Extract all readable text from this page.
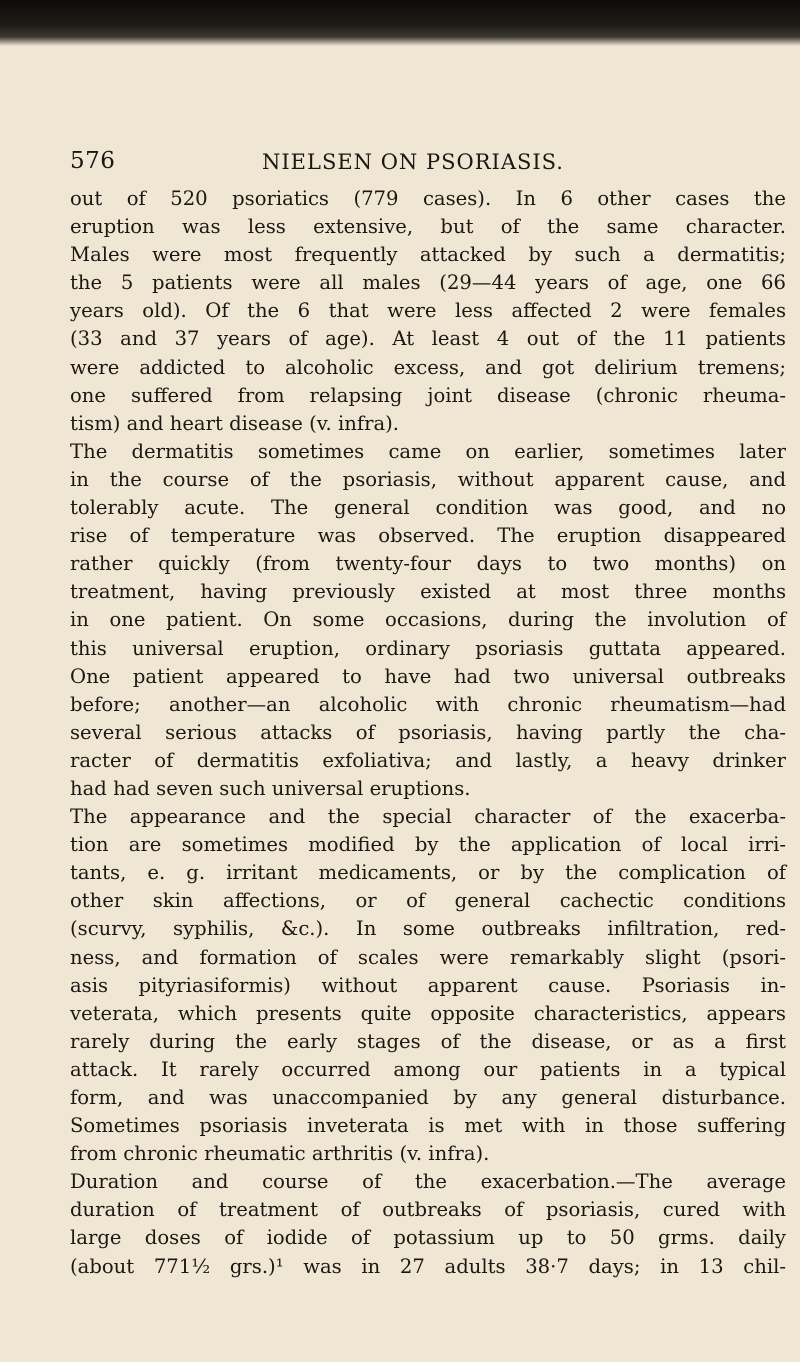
576	NIELSEN ON PSORIASIS.
out of 520 psoriatics (779 cases). In 6 other cases the
eruption was less extensive, but of the same character.
Males were most frequently attacked by such a dermatitis;
the 5 patients were all males (29—44 years of age, one 66
years old). Of the 6 that were less affected 2 were females
(33 and 37 years of age). At least 4 out of the 11 patients
were addicted to alcoholic excess, and got delirium tremens;
one suffered from relapsing joint disease (chronic rheuma-
tism) and heart disease (v. infra).
The dermatitis sometimes came on earlier, sometimes later
in the course of the psoriasis, without apparent cause, and
tolerably acute. The general condition was good, and no
rise of temperature was observed. The eruption disappeared
rather quickly (from twenty-four days to two months) on
treatment, having previously existed at most three months
in one patient. On some occasions, during the involution of
this universal eruption, ordinary psoriasis guttata appeared.
One patient appeared to have had two universal outbreaks
before; another—an alcoholic with chronic rheumatism—had
several serious attacks of psoriasis, having partly the cha-
racter of dermatitis exfoliativa; and lastly, a heavy drinker
had had seven such universal eruptions.
The appearance and the special character of the exacerba-
tion are sometimes modified by the application of local irri-
tants, e. g. irritant medicaments, or by the complication of
other skin affections, or of general cachectic conditions
(scurvy, syphilis, &c.). In some outbreaks infiltration, red-
ness, and formation of scales were remarkably slight (psori-
asis pityriasiformis) without apparent cause. Psoriasis in-
veterata, which presents quite opposite characteristics, appears
rarely during the early stages of the disease, or as a first
attack. It rarely occurred among our patients in a typical
form, and was unaccompanied by any general disturbance.
Sometimes psoriasis inveterata is met with in those suffering
from chronic rheumatic arthritis (v. infra).
Duration and course of the exacerbation.—The average
duration of treatment of outbreaks of psoriasis, cured with
large doses of iodide of potassium up to 50 grms. daily
(about 771½ grs.)¹ was in 27 adults 38·7 days; in 13 chil-
